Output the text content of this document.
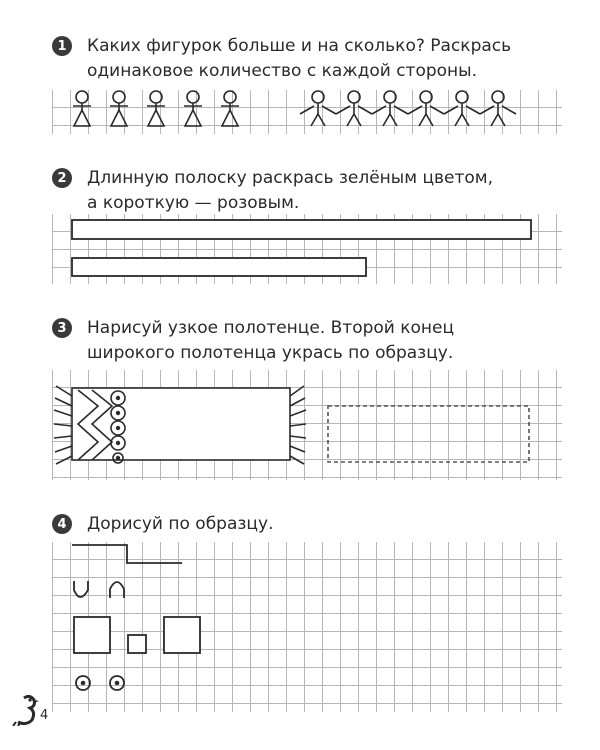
1	Каких фигурок больше и на сколько? Раскрась
одинаковое количество с каждой стороны.
2	Длинную полоску раскрась зелёным цветом,
а короткую — розовым.
3	Нарисуй узкое полотенце. Второй конец
широкого полотенца укрась по образцу.
4	Дорисуй по образцу.
4
